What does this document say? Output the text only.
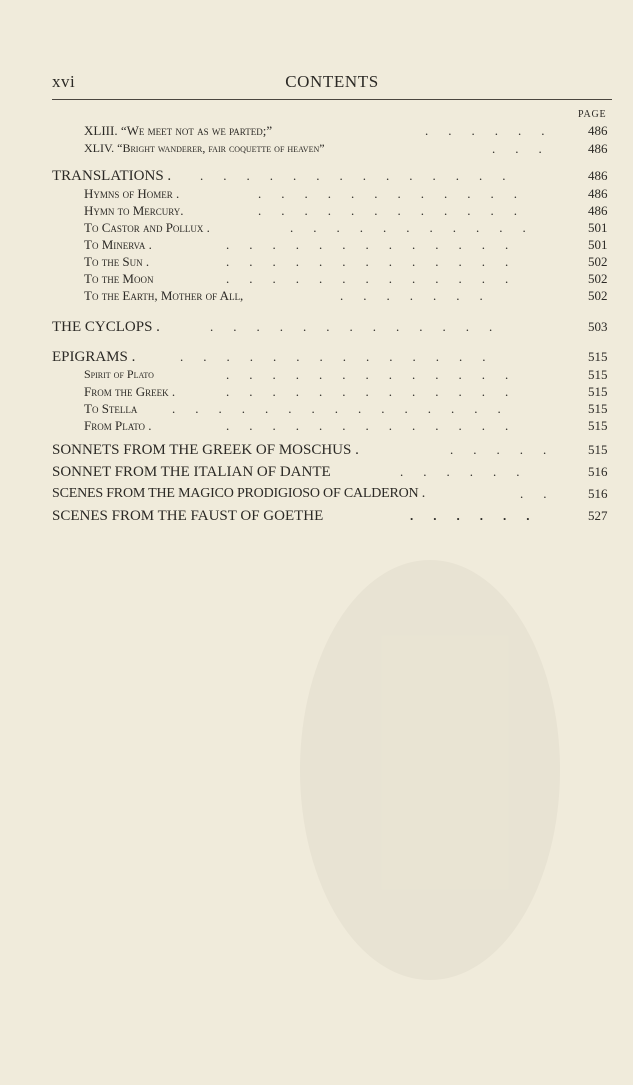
xvi	CONTENTS
PAGE
XLIII. “We meet not as we parted;”	...... 486
XLIV. “Bright wanderer, fair coquette of heaven”	... 486
TRANSLATIONS . ..............	486
Hymns of Homer .	............	486
Hymn to Mercury.	............	486
To Castor and Pollux .	...........	501
To Minerva .	.............	501
To the Sun .	.............	502
To the Moon	.............	502
To the Earth, Mother of All,	.......	502
THE CYCLOPS .	.............	503
EPIGRAMS .	..............	515
Spirit of Plato	.............	515
From the Greek .	.............	515
To Stella	...............	515
From Plato .	.............	515
SONNETS FROM THE GREEK OF MOSCHUS .	..... 515
SONNET FROM THE ITALIAN OF DANTE	......	516
SCENES FROM THE MAGICO PRODIGIOSO OF CALDERON .	.. 516
SCENES FROM THE FAUST OF GOETHE	......	527
